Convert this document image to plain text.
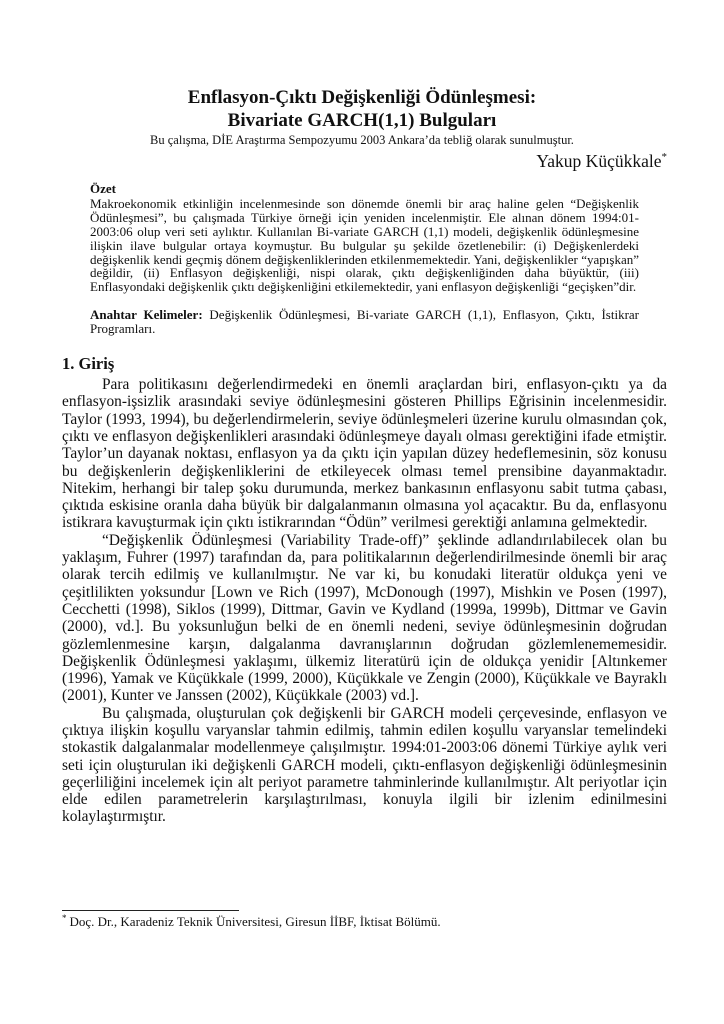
Enflasyon-Çıktı Değişkenliği Ödünleşmesi:
Bivariate GARCH(1,1) Bulguları
Bu çalışma, DİE Araştırma Sempozyumu 2003 Ankara’da tebliğ olarak sunulmuştur.
Yakup Küçükkale*
Özet

Makroekonomik etkinliğin incelenmesinde son dönemde önemli bir araç haline gelen “Değişkenlik Ödünleşmesi”, bu çalışmada Türkiye örneği için yeniden incelenmiştir. Ele alınan dönem 1994:01-2003:06 olup veri seti aylıktır. Kullanılan Bi-variate GARCH (1,1) modeli, değişkenlik ödünleşmesine ilişkin ilave bulgular ortaya koymuştur. Bu bulgular şu şekilde özetlenebilir: (i) Değişkenlerdeki değişkenlik kendi geçmiş dönem değişkenliklerinden etkilenmemektedir. Yani, değişkenlikler “yapışkan” değildir, (ii) Enflasyon değişkenliği, nispi olarak, çıktı değişkenliğinden daha büyüktür, (iii) Enflasyondaki değişkenlik çıktı değişkenliğini etkilemektedir, yani enflasyon değişkenliği “geçişken”dir.

Anahtar Kelimeler: Değişkenlik Ödünleşmesi, Bi-variate GARCH (1,1), Enflasyon, Çıktı, İstikrar Programları.

1. Giriş

Para politikasını değerlendirmedeki en önemli araçlardan biri, enflasyon-çıktı ya da enflasyon-işsizlik arasındaki seviye ödünleşmesini gösteren Phillips Eğrisinin incelenmesidir. Taylor (1993, 1994), bu değerlendirmelerin, seviye ödünleşmeleri üzerine kurulu olmasından çok, çıktı ve enflasyon değişkenlikleri arasındaki ödünleşmeye dayalı olması gerektiğini ifade etmiştir. Taylor’un dayanak noktası, enflasyon ya da çıktı için yapılan düzey hedeflemesinin, söz konusu bu değişkenlerin değişkenliklerini de etkileyecek olması temel prensibine dayanmaktadır. Nitekim, herhangi bir talep şoku durumunda, merkez bankasının enflasyonu sabit tutma çabası, çıktıda eskisine oranla daha büyük bir dalgalanmanın olmasına yol açacaktır. Bu da, enflasyonu istikrara kavuşturmak için çıktı istikrarından “Ödün” verilmesi gerektiği anlamına gelmektedir.

“Değişkenlik Ödünleşmesi (Variability Trade-off)” şeklinde adlandırılabilecek olan bu yaklaşım, Fuhrer (1997) tarafından da, para politikalarının değerlendirilmesinde önemli bir araç olarak tercih edilmiş ve kullanılmıştır. Ne var ki, bu konudaki literatür oldukça yeni ve çeşitlilikten yoksundur [Lown ve Rich (1997), McDonough (1997), Mishkin ve Posen (1997), Cecchetti (1998), Siklos (1999), Dittmar, Gavin ve Kydland (1999a, 1999b), Dittmar ve Gavin (2000), vd.]. Bu yoksunluğun belki de en önemli nedeni, seviye ödünleşmesinin doğrudan gözlemlenmesine karşın, dalgalanma davranışlarının doğrudan gözlemlenememesidir. Değişkenlik Ödünleşmesi yaklaşımı, ülkemiz literatürü için de oldukça yenidir [Altınkemer (1996), Yamak ve Küçükkale (1999, 2000), Küçükkale ve Zengin (2000), Küçükkale ve Bayraklı (2001), Kunter ve Janssen (2002), Küçükkale (2003) vd.].

Bu çalışmada, oluşturulan çok değişkenli bir GARCH modeli çerçevesinde, enflasyon ve çıktıya ilişkin koşullu varyanslar tahmin edilmiş, tahmin edilen koşullu varyanslar temelindeki stokastik dalgalanmalar modellenmeye çalışılmıştır. 1994:01-2003:06 dönemi Türkiye aylık veri seti için oluşturulan iki değişkenli GARCH modeli, çıktı-enflasyon değişkenliği ödünleşmesinin geçerliliğini incelemek için alt periyot parametre tahminlerinde kullanılmıştır. Alt periyotlar için elde edilen parametrelerin karşılaştırılması, konuyla ilgili bir izlenim edinilmesini kolaylaştırmıştır.

* Doç. Dr., Karadeniz Teknik Üniversitesi, Giresun İİBF, İktisat Bölümü.
